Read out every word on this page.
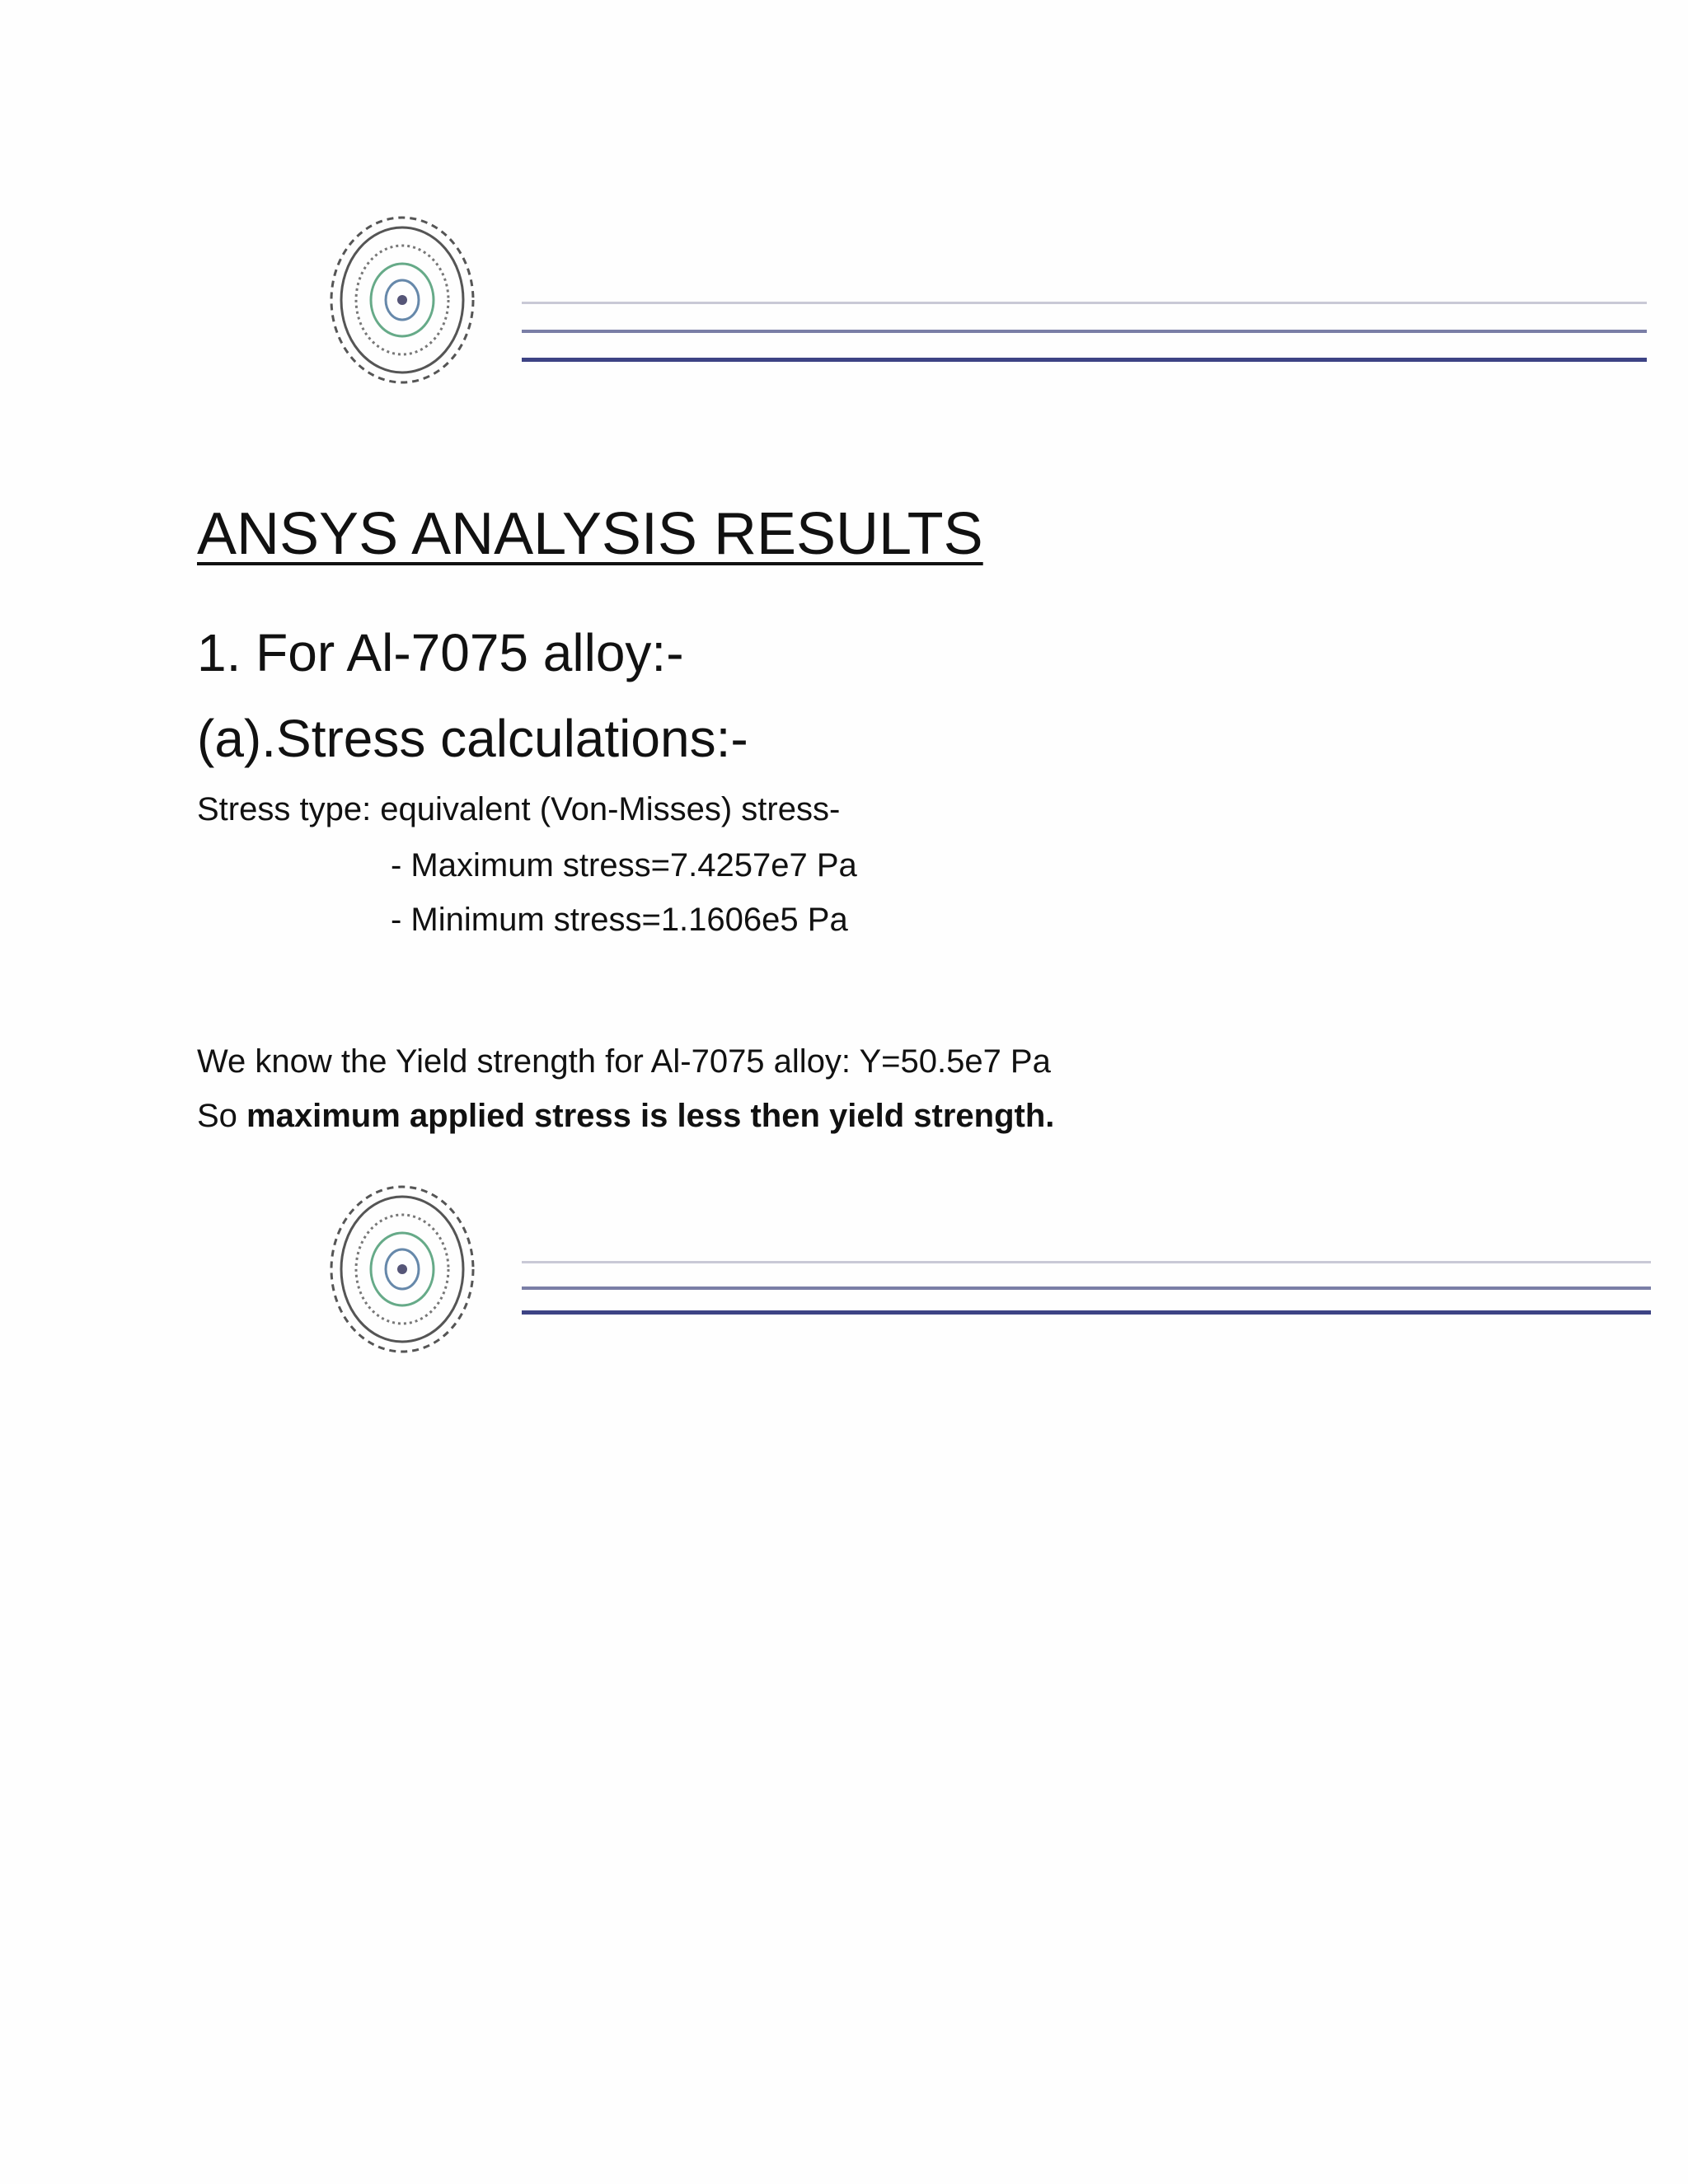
ANSYS ANALYSIS RESULTS
1. For Al-7075 alloy:-
(a).Stress calculations:-
Stress type: equivalent (Von-Misses) stress-
- Maximum stress=7.4257e7 Pa
- Minimum stress=1.1606e5 Pa
We know the Yield strength for Al-7075 alloy: Y=50.5e7 Pa
So maximum applied stress is less then yield strength.
